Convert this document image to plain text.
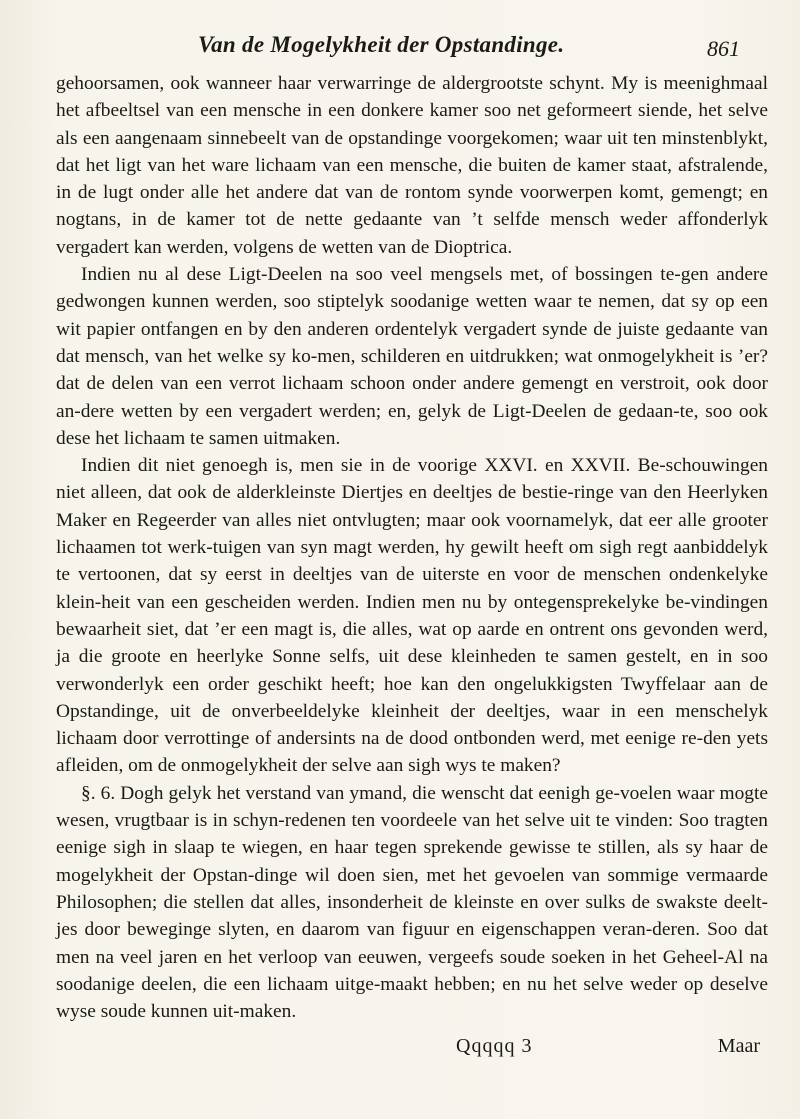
Van de Mogelykheit der Opstandinge.	861

gehoorsamen, ook wanneer haar verwarringe de aldergrootste schynt. My is meenighmaal het afbeeltsel van een mensche in een donkere kamer soo net geformeert siende, het selve als een aangenaam sinnebeelt van de opstandinge voorgekomen; waar uit ten minstenblykt, dat het ligt van het ware lichaam van een mensche, die buiten de kamer staat, afstralende, in de lugt onder alle het andere dat van de rontom synde voorwerpen komt, gemengt; en nogtans, in de kamer tot de nette gedaante van ’t selfde mensch weder affonderlyk vergadert kan werden, volgens de wetten van de Dioptrica.

Indien nu al dese Ligt-Deelen na soo veel mengsels met, of bossingen te-gen andere gedwongen kunnen werden, soo stiptelyk soodanige wetten waar te nemen, dat sy op een wit papier ontfangen en by den anderen ordentelyk vergadert synde de juiste gedaante van dat mensch, van het welke sy ko-men, schilderen en uitdrukken; wat onmogelykheit is ’er? dat de delen van een verrot lichaam schoon onder andere gemengt en verstroit, ook door an-dere wetten by een vergadert werden; en, gelyk de Ligt-Deelen de gedaan-te, soo ook dese het lichaam te samen uitmaken.

Indien dit niet genoegh is, men sie in de voorige XXVI. en XXVII. Be-schouwingen niet alleen, dat ook de alderkleinste Diertjes en deeltjes de bestie-ringe van den Heerlyken Maker en Regeerder van alles niet ontvlugten; maar ook voornamelyk, dat eer alle grooter lichaamen tot werk-tuigen van syn magt werden, hy gewilt heeft om sigh regt aanbiddelyk te vertoonen, dat sy eerst in deeltjes van de uiterste en voor de menschen ondenkelyke klein-heit van een gescheiden werden. Indien men nu by ontegensprekelyke be-vindingen bewaarheit siet, dat ’er een magt is, die alles, wat op aarde en ontrent ons gevonden werd, ja die groote en heerlyke Sonne selfs, uit dese kleinheden te samen gestelt, en in soo verwonderlyk een order geschikt heeft; hoe kan den ongelukkigsten Twyffelaar aan de Opstandinge, uit de onverbeeldelyke kleinheit der deeltjes, waar in een menschelyk lichaam door verrottinge of andersints na de dood ontbonden werd, met eenige re-den yets afleiden, om de onmogelykheit der selve aan sigh wys te maken?

§. 6. Dogh gelyk het verstand van ymand, die wenscht dat eenigh ge-voelen waar mogte wesen, vrugtbaar is in schyn-redenen ten voordeele van het selve uit te vinden: Soo tragten eenige sigh in slaap te wiegen, en haar tegen sprekende gewisse te stillen, als sy haar de mogelykheit der Opstan-dinge wil doen sien, met het gevoelen van sommige vermaarde Philosophen; die stellen dat alles, insonderheit de kleinste en over sulks de swakste deelt-jes door beweginge slyten, en daarom van figuur en eigenschappen veran-deren. Soo dat men na veel jaren en het verloop van eeuwen, vergeefs soude soeken in het Geheel-Al na soodanige deelen, die een lichaam uitge-maakt hebben; en nu het selve weder op deselve wyse soude kunnen uit-maken.

Qqqqq 3	Maar
